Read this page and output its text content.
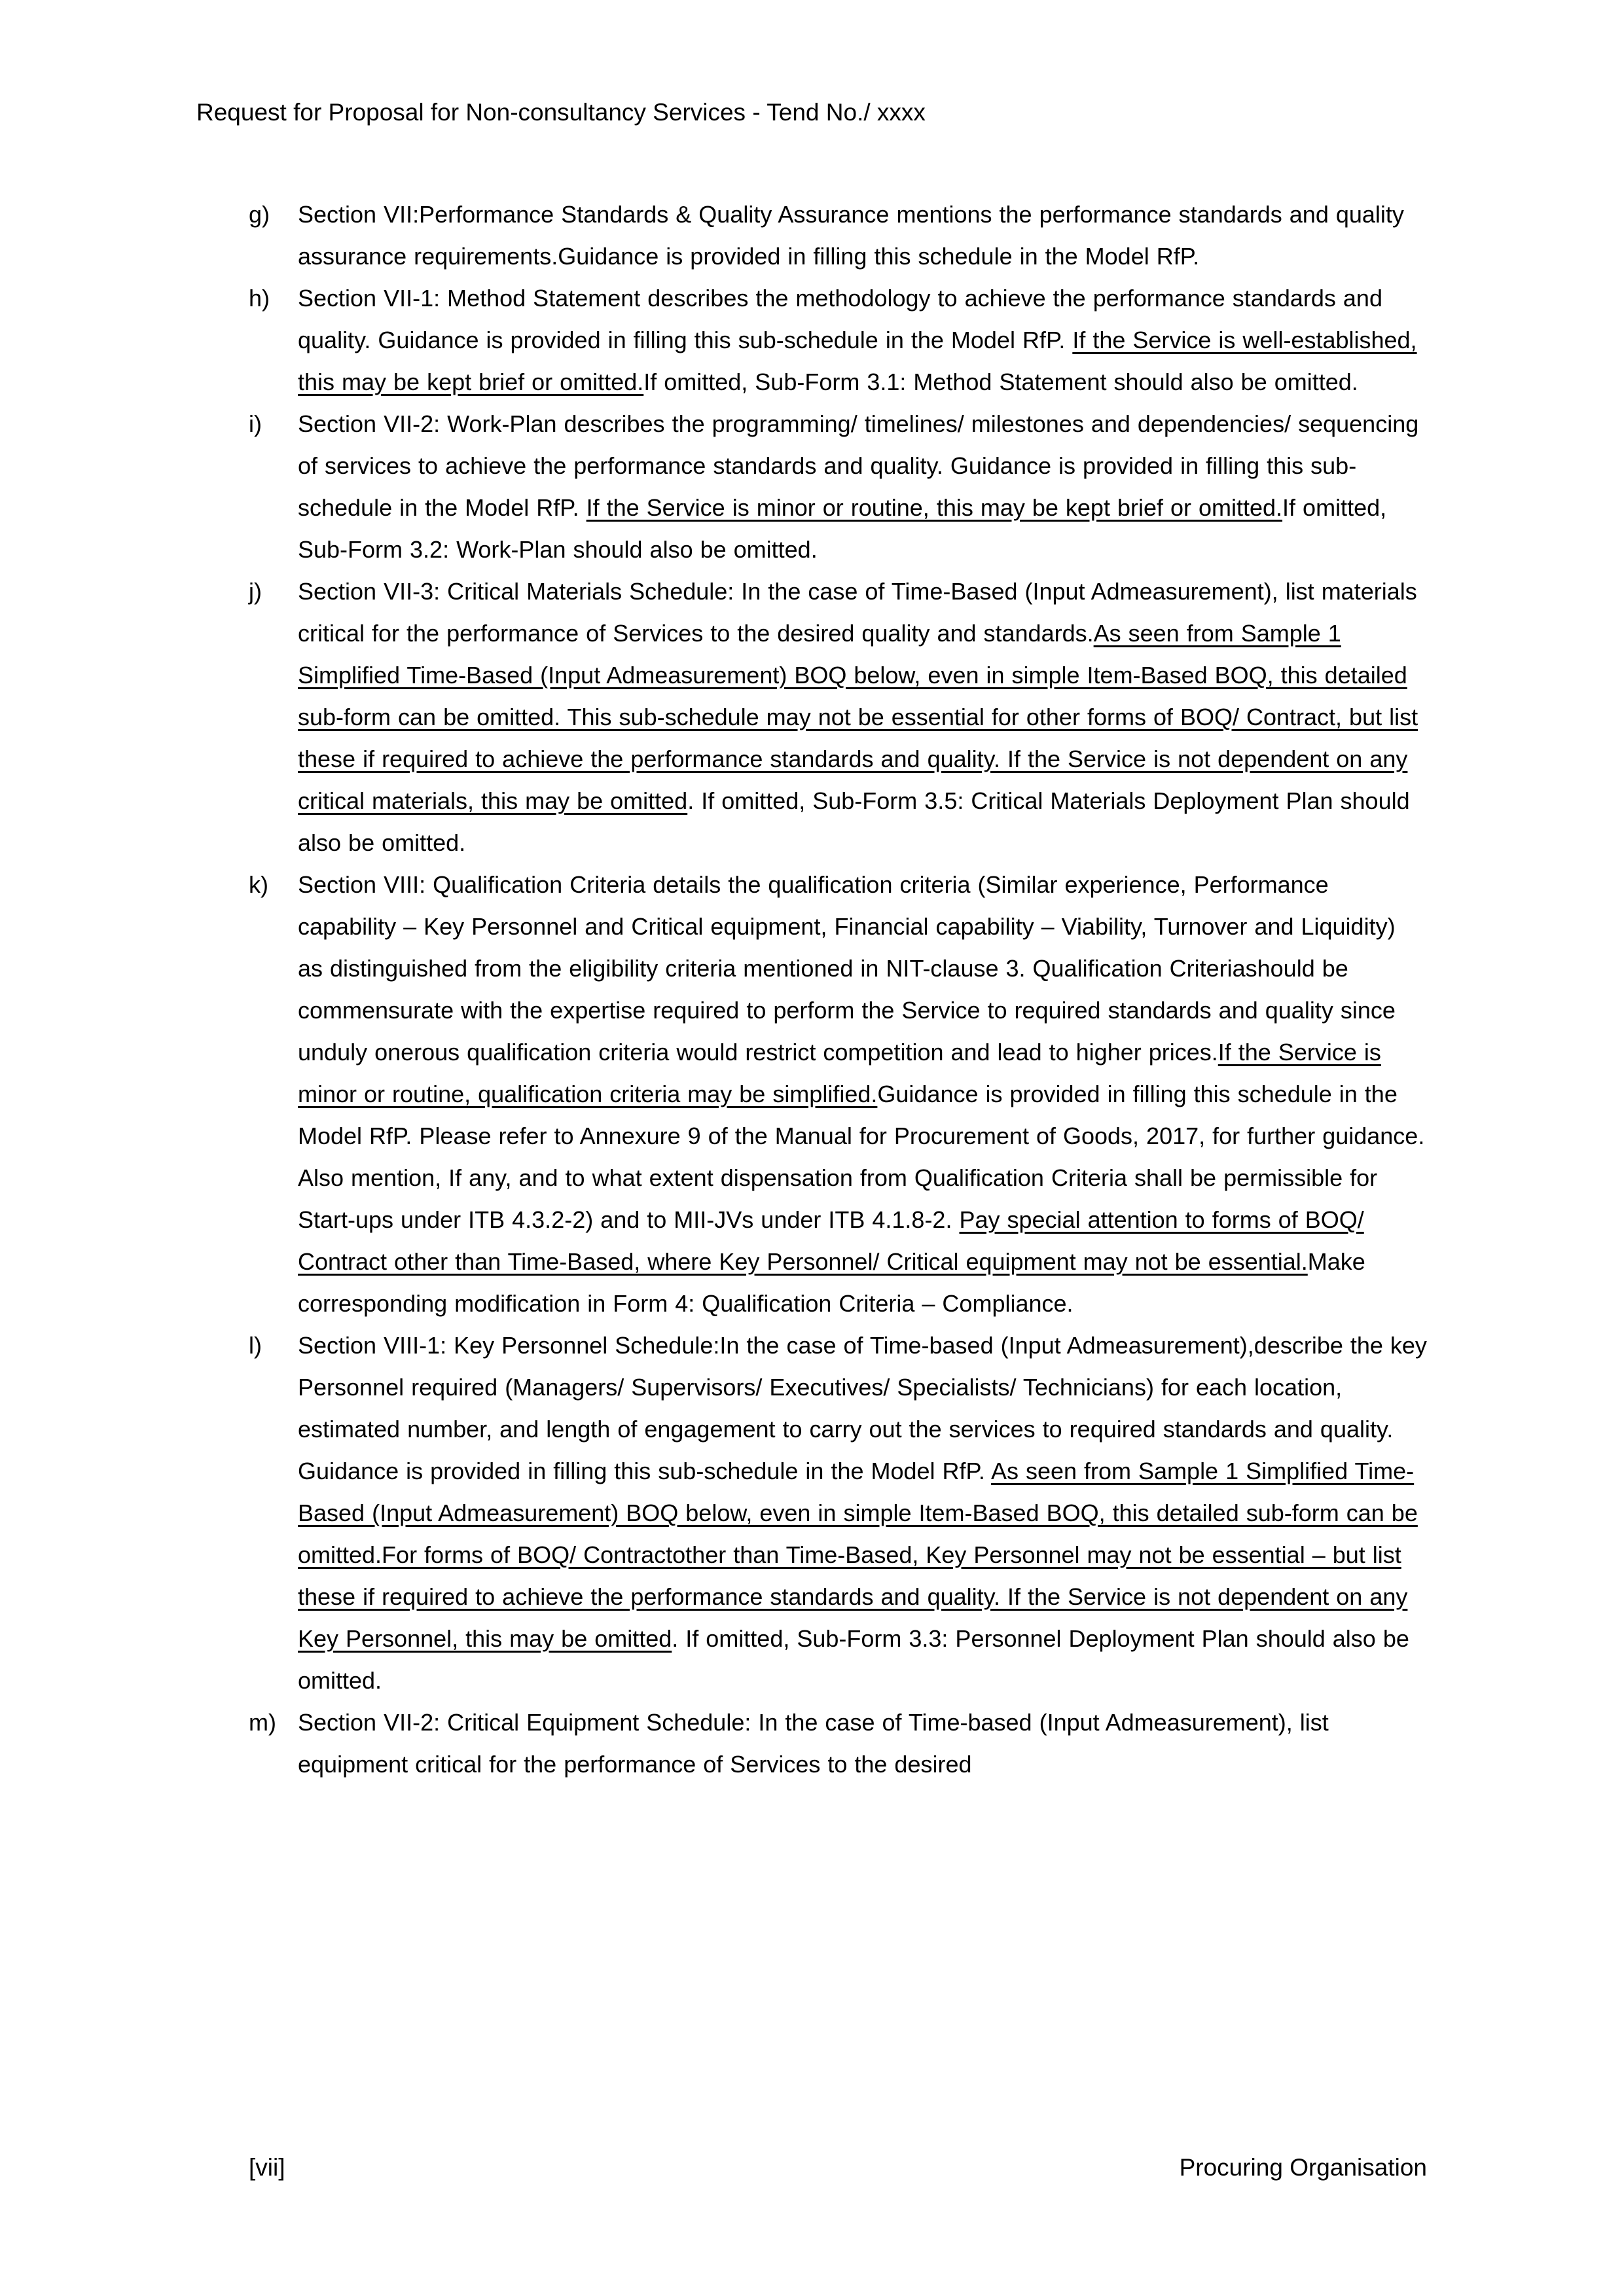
Request for Proposal for Non-consultancy Services - Tend No./ xxxx
g)	Section VII:Performance Standards & Quality Assurance mentions the performance standards and quality assurance requirements.Guidance is provided in filling this schedule in the Model RfP.
h)	Section VII-1: Method Statement describes the methodology to achieve the performance standards and quality. Guidance is provided in filling this sub-schedule in the Model RfP. If the Service is well-established, this may be kept brief or omitted.If omitted, Sub-Form 3.1: Method Statement should also be omitted.
i)	Section VII-2: Work-Plan describes the programming/ timelines/ milestones and dependencies/ sequencing of services to achieve the performance standards and quality. Guidance is provided in filling this sub-schedule in the Model RfP. If the Service is minor or routine, this may be kept brief or omitted.If omitted, Sub-Form 3.2: Work-Plan should also be omitted.
j)	Section VII-3: Critical Materials Schedule: In the case of Time-Based (Input Admeasurement), list materials critical for the performance of Services to the desired quality and standards.As seen from Sample 1 Simplified Time-Based (Input Admeasurement) BOQ below, even in simple Item-Based BOQ, this detailed sub-form can be omitted. This sub-schedule may not be essential for other forms of BOQ/ Contract, but list these if required to achieve the performance standards and quality. If the Service is not dependent on any critical materials, this may be omitted. If omitted, Sub-Form 3.5: Critical Materials Deployment Plan should also be omitted.
k)	Section VIII: Qualification Criteria details the qualification criteria (Similar experience, Performance capability – Key Personnel and Critical equipment, Financial capability – Viability, Turnover and Liquidity) as distinguished from the eligibility criteria mentioned in NIT-clause 3. Qualification Criteriashould be commensurate with the expertise required to perform the Service to required standards and quality since unduly onerous qualification criteria would restrict competition and lead to higher prices.If the Service is minor or routine, qualification criteria may be simplified.Guidance is provided in filling this schedule in the Model RfP. Please refer to Annexure 9 of the Manual for Procurement of Goods, 2017, for further guidance. Also mention, If any, and to what extent dispensation from Qualification Criteria shall be permissible for Start-ups under ITB 4.3.2-2) and to MII-JVs under ITB 4.1.8-2. Pay special attention to forms of BOQ/ Contract other than Time-Based, where Key Personnel/ Critical equipment may not be essential.Make corresponding modification in Form 4: Qualification Criteria – Compliance.
l)	Section VIII-1: Key Personnel Schedule:In the case of Time-based (Input Admeasurement),describe the key Personnel required (Managers/ Supervisors/ Executives/ Specialists/ Technicians) for each location, estimated number, and length of engagement to carry out the services to required standards and quality. Guidance is provided in filling this sub-schedule in the Model RfP. As seen from Sample 1 Simplified Time-Based (Input Admeasurement) BOQ below, even in simple Item-Based BOQ, this detailed sub-form can be omitted.For forms of BOQ/ Contractother than Time-Based, Key Personnel may not be essential – but list these if required to achieve the performance standards and quality. If the Service is not dependent on any Key Personnel, this may be omitted. If omitted, Sub-Form 3.3: Personnel Deployment Plan should also be omitted.
m) Section VII-2: Critical Equipment Schedule: In the case of Time-based (Input Admeasurement), list equipment critical for the performance of Services to the desired
[vii]	Procuring Organisation
